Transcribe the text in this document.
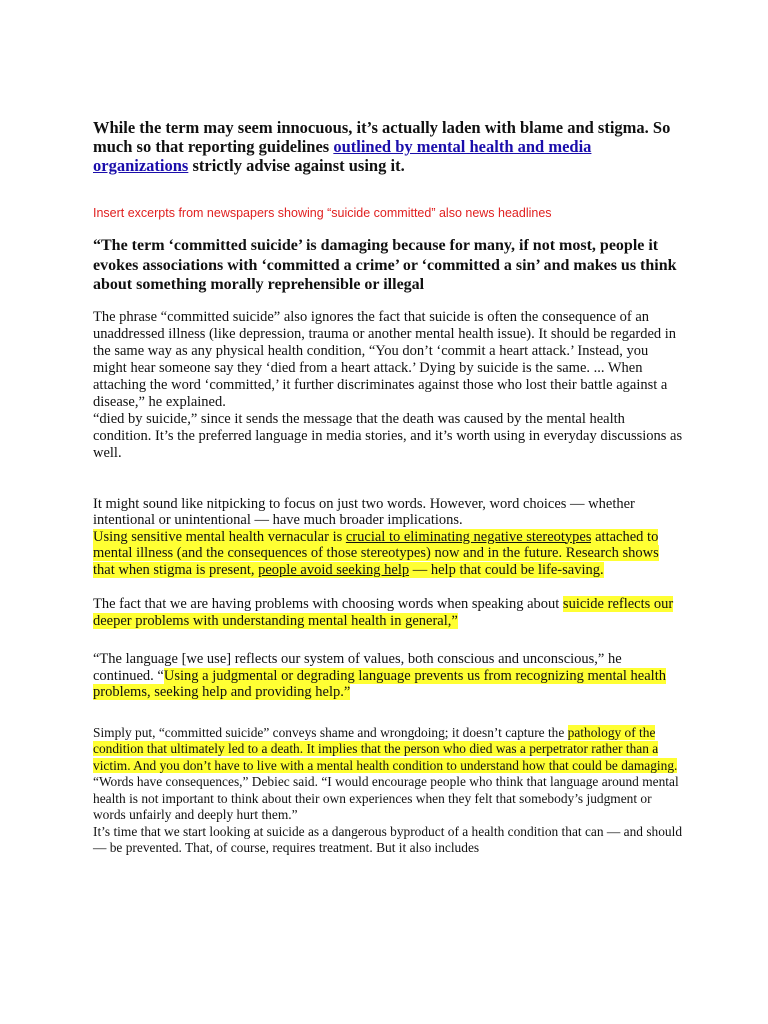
While the term may seem innocuous, it’s actually laden with blame and stigma. So much so that reporting guidelines outlined by mental health and media organizations strictly advise against using it.

Insert excerpts from newspapers showing “suicide committed” also news headlines

“The term ‘committed suicide’ is damaging because for many, if not most, people it evokes associations with ‘committed a crime’ or ‘committed a sin’ and makes us think about something morally reprehensible or illegal

The phrase “committed suicide” also ignores the fact that suicide is often the consequence of an unaddressed illness (like depression, trauma or another mental health issue). It should be regarded in the same way as any physical health condition, “You don’t ‘commit a heart attack.’ Instead, you might hear someone say they ‘died from a heart attack.’ Dying by suicide is the same. ... When attaching the word ‘committed,’ it further discriminates against those who lost their battle against a disease,” he explained.

“died by suicide,” since it sends the message that the death was caused by the mental health condition. It’s the preferred language in media stories, and it’s worth using in everyday discussions as well.

It might sound like nitpicking to focus on just two words. However, word choices — whether intentional or unintentional — have much broader implications.

Using sensitive mental health vernacular is crucial to eliminating negative stereotypes attached to mental illness (and the consequences of those stereotypes) now and in the future. Research shows that when stigma is present, people avoid seeking help — help that could be life-saving.

The fact that we are having problems with choosing words when speaking about suicide reflects our deeper problems with understanding mental health in general,”

“The language [we use] reflects our system of values, both conscious and unconscious,” he continued. “Using a judgmental or degrading language prevents us from recognizing mental health problems, seeking help and providing help.”

Simply put, “committed suicide” conveys shame and wrongdoing; it doesn’t capture the pathology of the condition that ultimately led to a death. It implies that the person who died was a perpetrator rather than a victim. And you don’t have to live with a mental health condition to understand how that could be damaging.

“Words have consequences,” Debiec said. “I would encourage people who think that language around mental health is not important to think about their own experiences when they felt that somebody’s judgment or words unfairly and deeply hurt them.”

It’s time that we start looking at suicide as a dangerous byproduct of a health condition that can — and should — be prevented. That, of course, requires treatment. But it also includes
